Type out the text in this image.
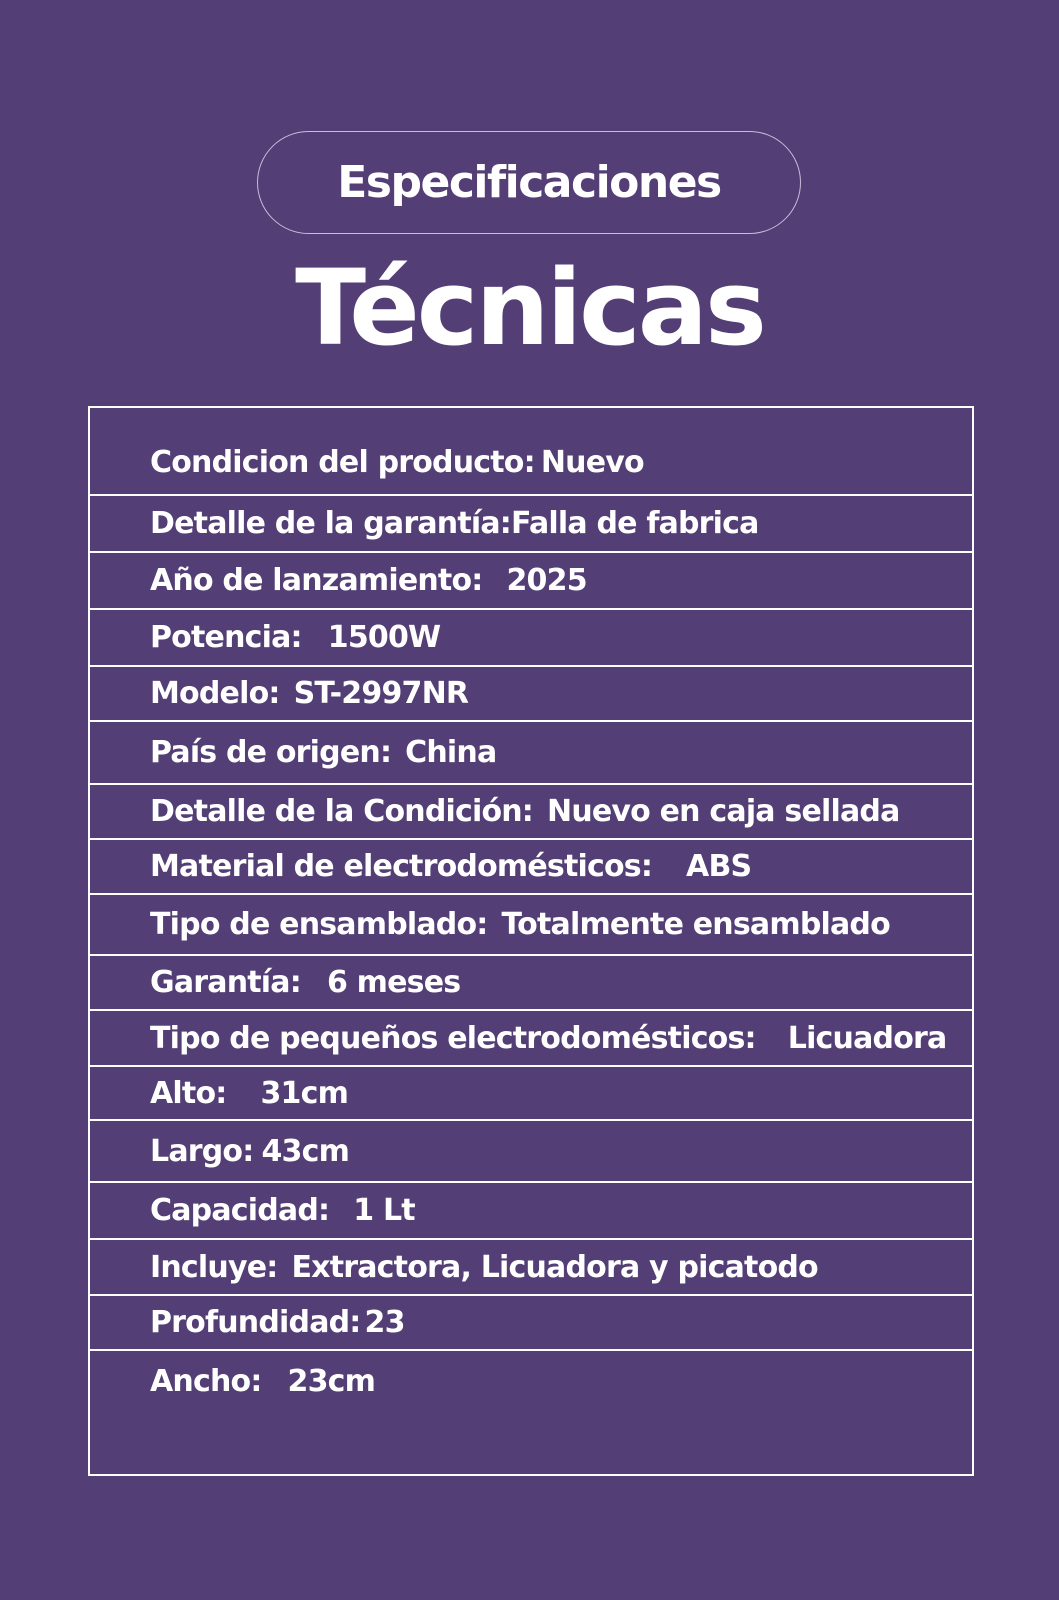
Especificaciones
Técnicas
Condicion del producto: Nuevo
Detalle de la garantía: Falla de fabrica
Año de lanzamiento: 2025
Potencia: 1500W
Modelo: ST-2997NR
País de origen: China
Detalle de la Condición: Nuevo en caja sellada
Material de electrodomésticos: ABS
Tipo de ensamblado: Totalmente ensamblado
Garantía: 6 meses
Tipo de pequeños electrodomésticos: Licuadora
Alto: 31cm
Largo: 43cm
Capacidad: 1 Lt
Incluye: Extractora, Licuadora y picatodo
Profundidad: 23
Ancho: 23cm
